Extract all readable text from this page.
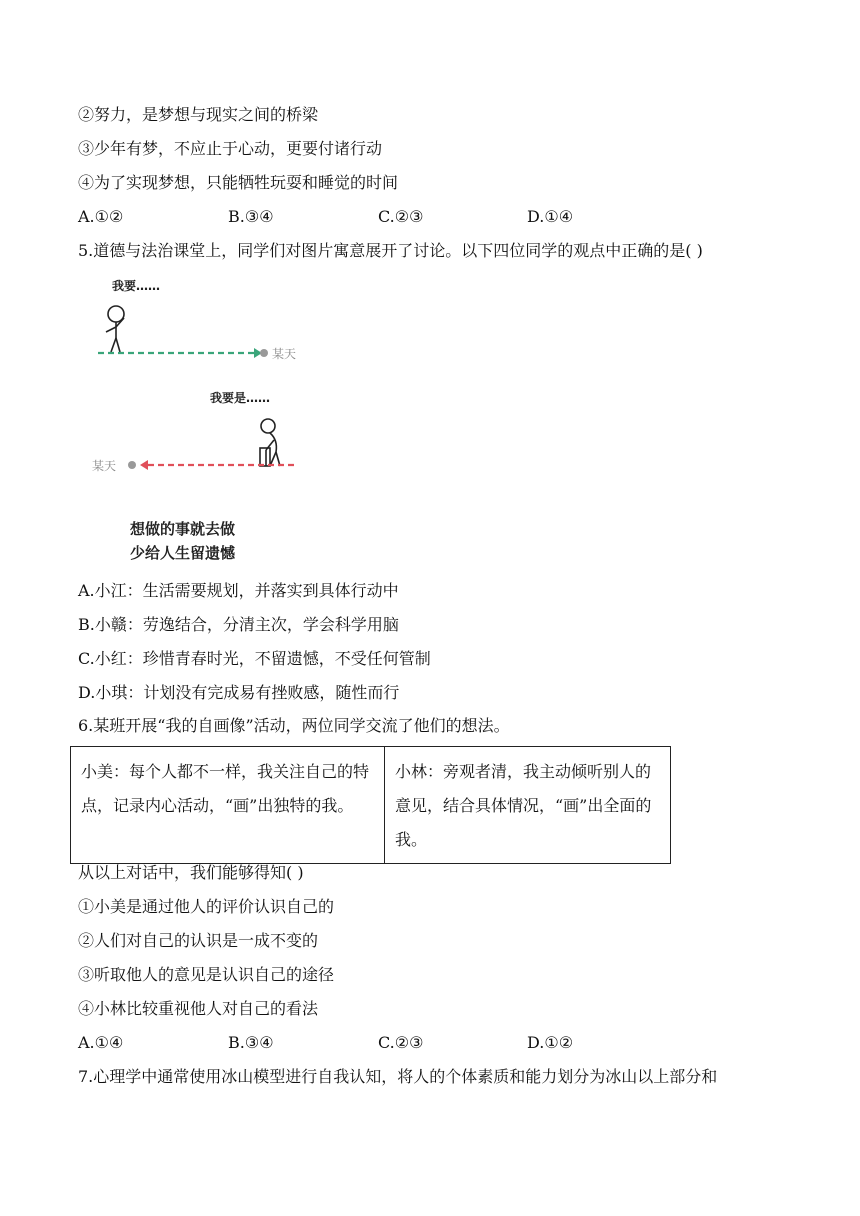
②努力，是梦想与现实之间的桥梁
③少年有梦，不应止于心动，更要付诸行动
④为了实现梦想，只能牺牲玩耍和睡觉的时间
A.①②	B.③④	C.②③	D.①④
5.道德与法治课堂上，同学们对图片寓意展开了讨论。以下四位同学的观点中正确的是( )
我要……
某天
我要是……
某天
想做的事就去做
少给人生留遗憾
A.小江：生活需要规划，并落实到具体行动中
B.小赣：劳逸结合，分清主次，学会科学用脑
C.小红：珍惜青春时光，不留遗憾，不受任何管制
D.小琪：计划没有完成易有挫败感，随性而行
6.某班开展“我的自画像”活动，两位同学交流了他们的想法。
小美：每个人都不一样，我关注自己的特点，记录内心活动，“画”出独特的我。	小林：旁观者清，我主动倾听别人的意见，结合具体情况，“画”出全面的我。
从以上对话中，我们能够得知( )
①小美是通过他人的评价认识自己的
②人们对自己的认识是一成不变的
③听取他人的意见是认识自己的途径
④小林比较重视他人对自己的看法
A.①④	B.③④	C.②③	D.①②
7.心理学中通常使用冰山模型进行自我认知，将人的个体素质和能力划分为冰山以上部分和
